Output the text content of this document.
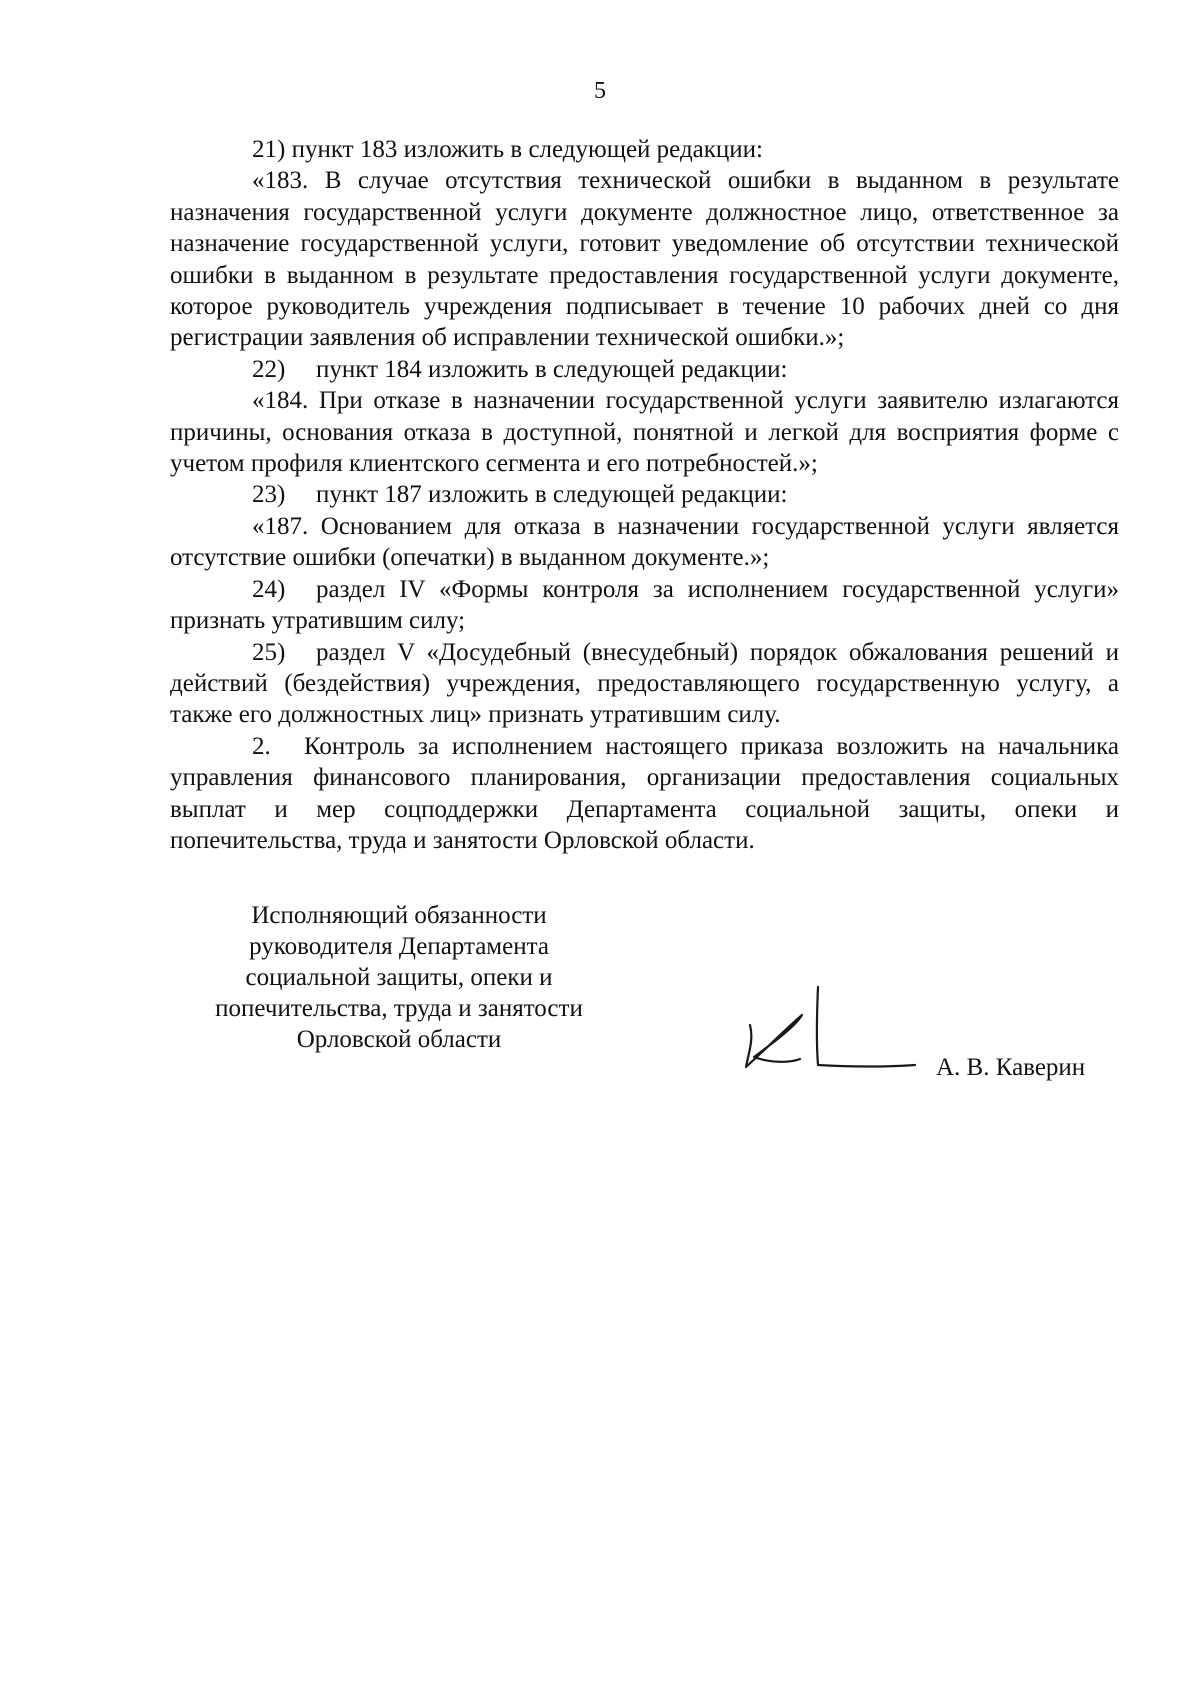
5

21) пункт 183 изложить в следующей редакции:

«183. В случае отсутствия технической ошибки в выданном в результате назначения государственной услуги документе должностное лицо, ответственное за назначение государственной услуги, готовит уведомление об отсутствии технической ошибки в выданном в результате предоставления государственной услуги документе, которое руководитель учреждения подписывает в течение 10 рабочих дней со дня регистрации заявления об исправлении технической ошибки.»;

22) пункт 184 изложить в следующей редакции:

«184. При отказе в назначении государственной услуги заявителю излагаются причины, основания отказа в доступной, понятной и легкой для восприятия форме с учетом профиля клиентского сегмента и его потребностей.»;

23) пункт 187 изложить в следующей редакции:

«187. Основанием для отказа в назначении государственной услуги является отсутствие ошибки (опечатки) в выданном документе.»;

24) раздел IV «Формы контроля за исполнением государственной услуги» признать утратившим силу;

25) раздел V «Досудебный (внесудебный) порядок обжалования решений и действий (бездействия) учреждения, предоставляющего государственную услугу, а также его должностных лиц» признать утратившим силу.

2. Контроль за исполнением настоящего приказа возложить на начальника управления финансового планирования, организации предоставления социальных выплат и мер соцподдержки Департамента социальной защиты, опеки и попечительства, труда и занятости Орловской области.

Исполняющий обязанности
руководителя Департамента
социальной защиты, опеки и
попечительства, труда и занятости
Орловской области
А. В. Каверин
